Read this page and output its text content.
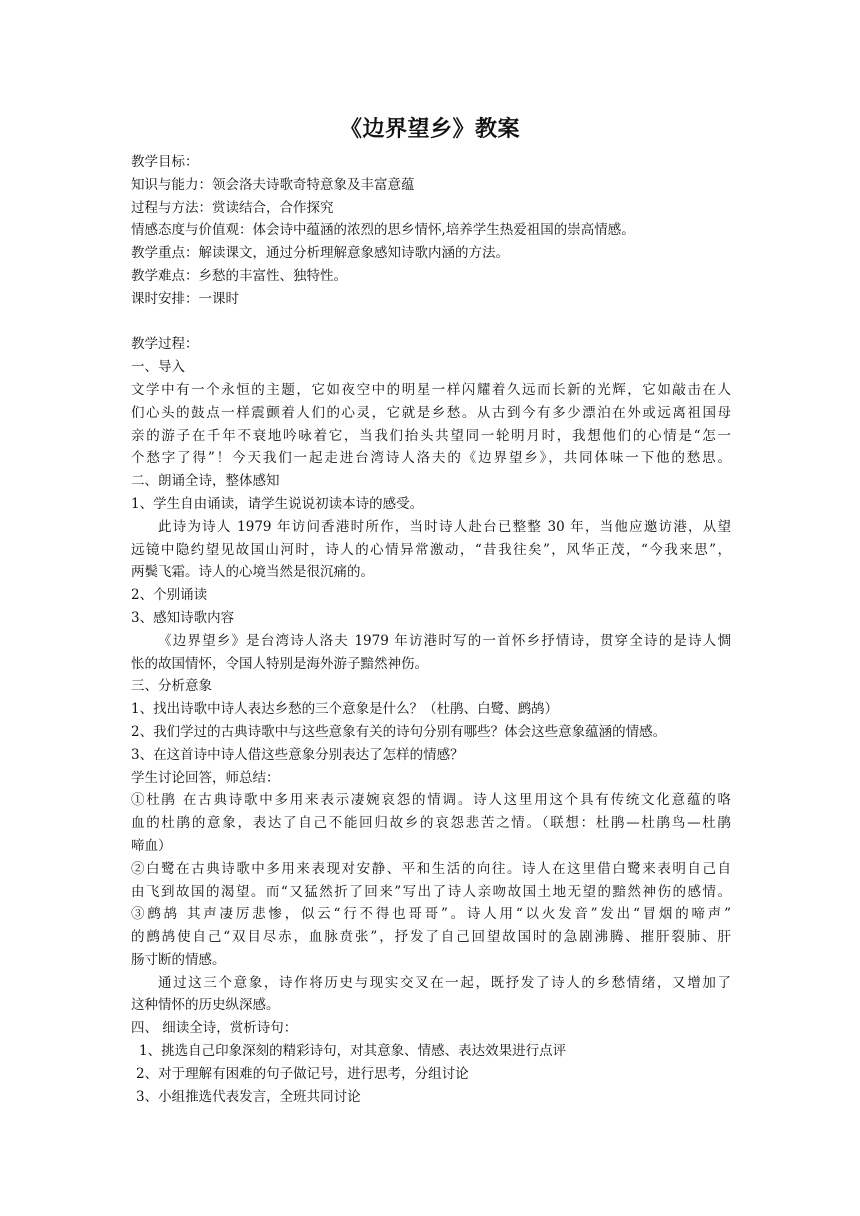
《边界望乡》教案
教学目标：
知识与能力：领会洛夫诗歌奇特意象及丰富意蕴
过程与方法：赏读结合，合作探究
情感态度与价值观：体会诗中蕴涵的浓烈的思乡情怀,培养学生热爱祖国的崇高情感。
教学重点：解读课文，通过分析理解意象感知诗歌内涵的方法。
教学难点：乡愁的丰富性、独特性。
课时安排：一课时
教学过程：
一、导入
文学中有一个永恒的主题，它如夜空中的明星一样闪耀着久远而长新的光辉，它如敲击在人
们心头的鼓点一样震颤着人们的心灵，它就是乡愁。从古到今有多少漂泊在外或远离祖国母
亲的游子在千年不衰地吟咏着它，当我们抬头共望同一轮明月时，我想他们的心情是“怎一
个愁字了得”！今天我们一起走进台湾诗人洛夫的《边界望乡》，共同体味一下他的愁思。
二、朗诵全诗，整体感知
1、学生自由诵读，请学生说说初读本诗的感受。
此诗为诗人 1979 年访问香港时所作，当时诗人赴台已整整 30 年，当他应邀访港，从望
远镜中隐约望见故国山河时，诗人的心情异常激动，“昔我往矣”，风华正茂，“今我来思”，
两鬓飞霜。诗人的心境当然是很沉痛的。
2、个别诵读
3、感知诗歌内容
《边界望乡》是台湾诗人洛夫 1979 年访港时写的一首怀乡抒情诗，贯穿全诗的是诗人惆
怅的故国情怀，令国人特别是海外游子黯然神伤。
三、分析意象
1、找出诗歌中诗人表达乡愁的三个意象是什么？（杜鹃、白鹭、鹧鸪）
2、我们学过的古典诗歌中与这些意象有关的诗句分别有哪些？体会这些意象蕴涵的情感。
3、在这首诗中诗人借这些意象分别表达了怎样的情感？
学生讨论回答，师总结：
①杜鹃 在古典诗歌中多用来表示凄婉哀怨的情调。诗人这里用这个具有传统文化意蕴的咯
血的杜鹃的意象，表达了自己不能回归故乡的哀怨悲苦之情。（联想：杜鹃—杜鹃鸟—杜鹃
啼血）
②白鹭在古典诗歌中多用来表现对安静、平和生活的向往。诗人在这里借白鹭来表明自己自
由飞到故国的渴望。而“又猛然折了回来”写出了诗人亲吻故国土地无望的黯然神伤的感情。
③鹧鸪 其声凄厉悲惨，似云“行不得也哥哥”。诗人用“以火发音”发出“冒烟的啼声”
的鹧鸪使自己“双目尽赤，血脉贲张”，抒发了自己回望故国时的急剧沸腾、摧肝裂肺、肝
肠寸断的情感。
通过这三个意象，诗作将历史与现实交叉在一起，既抒发了诗人的乡愁情绪，又增加了
这种情怀的历史纵深感。
四、 细读全诗，赏析诗句：
1、挑选自己印象深刻的精彩诗句，对其意象、情感、表达效果进行点评
2、对于理解有困难的句子做记号，进行思考，分组讨论
3、小组推选代表发言，全班共同讨论
